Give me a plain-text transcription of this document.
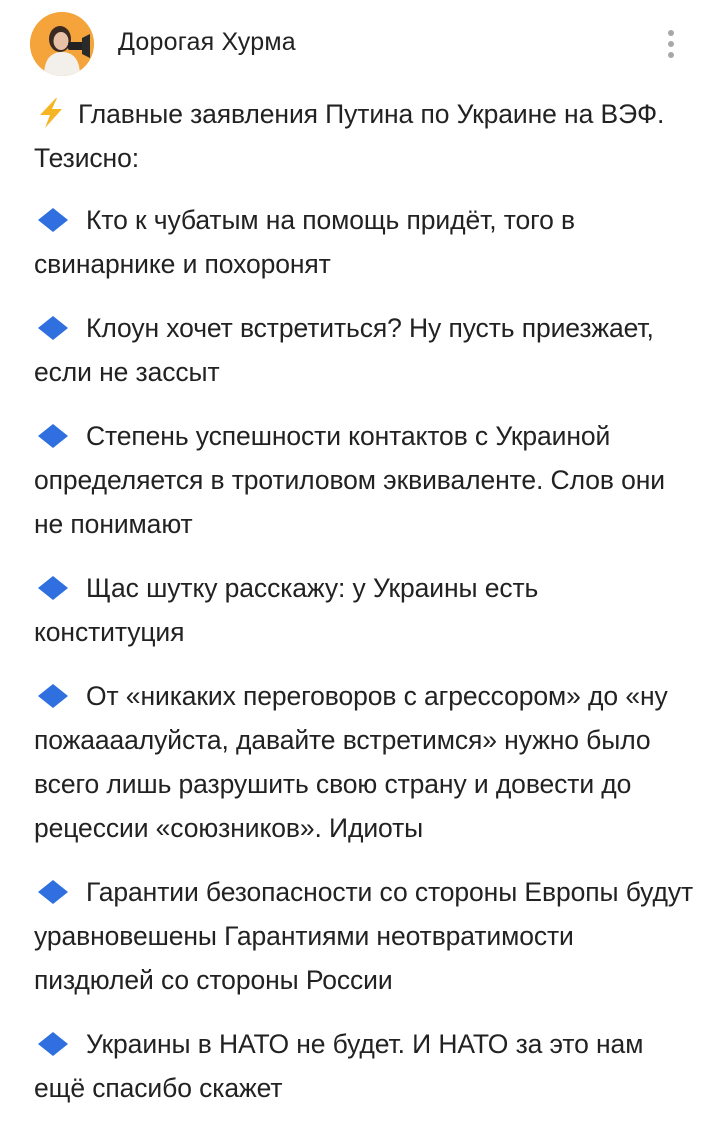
Дорогая Хурма

Главные заявления Путина по Украине на ВЭФ. Тезисно:

Кто к чубатым на помощь придёт, того в свинарнике и похоронят

Клоун хочет встретиться? Ну пусть приезжает, если не зассыт

Степень успешности контактов с Украиной определяется в тротиловом эквиваленте. Слов они не понимают

Щас шутку расскажу: у Украины есть конституция

От «никаких переговоров с агрессором» до «ну пожаааалуйста, давайте встретимся» нужно было всего лишь разрушить свою страну и довести до рецессии «союзников». Идиоты

Гарантии безопасности со стороны Европы будут уравновешены Гарантиями неотвратимости пиздюлей со стороны России

Украины в НАТО не будет. И НАТО за это нам ещё спасибо скажет
